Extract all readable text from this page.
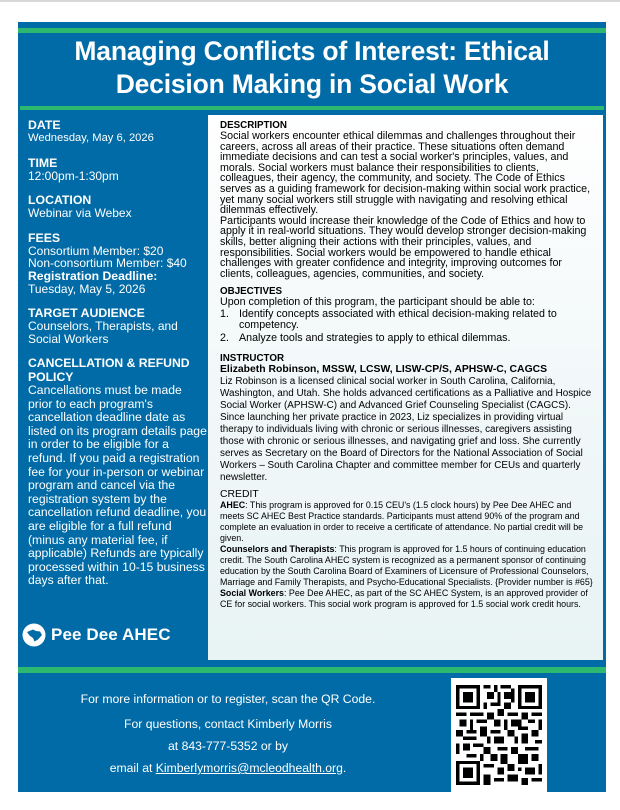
Managing Conflicts of Interest: Ethical
Decision Making in Social Work
DATE
Wednesday, May 6, 2026
TIME
12:00pm-1:30pm
LOCATION
Webinar via Webex
FEES
Consortium Member: $20
Non-consortium Member: $40
Registration Deadline:
Tuesday, May 5, 2026
TARGET AUDIENCE
Counselors, Therapists, and Social Workers
CANCELLATION & REFUND POLICY
Cancellations must be made prior to each program's cancellation deadline date as listed on its program details page in order to be eligible for a refund. If you paid a registration fee for your in-person or webinar program and cancel via the registration system by the cancellation refund deadline, you are eligible for a full refund (minus any material fee, if applicable) Refunds are typically processed within 10-15 business days after that.
Pee Dee AHEC
DESCRIPTION
Social workers encounter ethical dilemmas and challenges throughout their careers, across all areas of their practice. These situations often demand immediate decisions and can test a social worker's principles, values, and morals. Social workers must balance their responsibilities to clients, colleagues, their agency, the community, and society. The Code of Ethics serves as a guiding framework for decision-making within social work practice, yet many social workers still struggle with navigating and resolving ethical dilemmas effectively.
Participants would increase their knowledge of the Code of Ethics and how to apply it in real-world situations. They would develop stronger decision-making skills, better aligning their actions with their principles, values, and responsibilities. Social workers would be empowered to handle ethical challenges with greater confidence and integrity, improving outcomes for clients, colleagues, agencies, communities, and society.
OBJECTIVES
Upon completion of this program, the participant should be able to:
1. Identify concepts associated with ethical decision-making related to competency.
2. Analyze tools and strategies to apply to ethical dilemmas.
INSTRUCTOR
Elizabeth Robinson, MSSW, LCSW, LISW-CP/S, APHSW-C, CAGCS
Liz Robinson is a licensed clinical social worker in South Carolina, California, Washington, and Utah. She holds advanced certifications as a Palliative and Hospice Social Worker (APHSW-C) and Advanced Grief Counseling Specialist (CAGCS). Since launching her private practice in 2023, Liz specializes in providing virtual therapy to individuals living with chronic or serious illnesses, caregivers assisting those with chronic or serious illnesses, and navigating grief and loss. She currently serves as Secretary on the Board of Directors for the National Association of Social Workers – South Carolina Chapter and committee member for CEUs and quarterly newsletter.
CREDIT
AHEC: This program is approved for 0.15 CEU's (1.5 clock hours) by Pee Dee AHEC and meets SC AHEC Best Practice standards. Participants must attend 90% of the program and complete an evaluation in order to receive a certificate of attendance. No partial credit will be given.
Counselors and Therapists: This program is approved for 1.5 hours of continuing education credit. The South Carolina AHEC system is recognized as a permanent sponsor of continuing education by the South Carolina Board of Examiners of Licensure of Professional Counselors, Marriage and Family Therapists, and Psycho-Educational Specialists. {Provider number is #65}
Social Workers: Pee Dee AHEC, as part of the SC AHEC System, is an approved provider of CE for social workers. This social work program is approved for 1.5 social work credit hours.
For more information or to register, scan the QR Code.
For questions, contact Kimberly Morris
at 843-777-5352 or by
email at Kimberlymorris@mcleodhealth.org.
